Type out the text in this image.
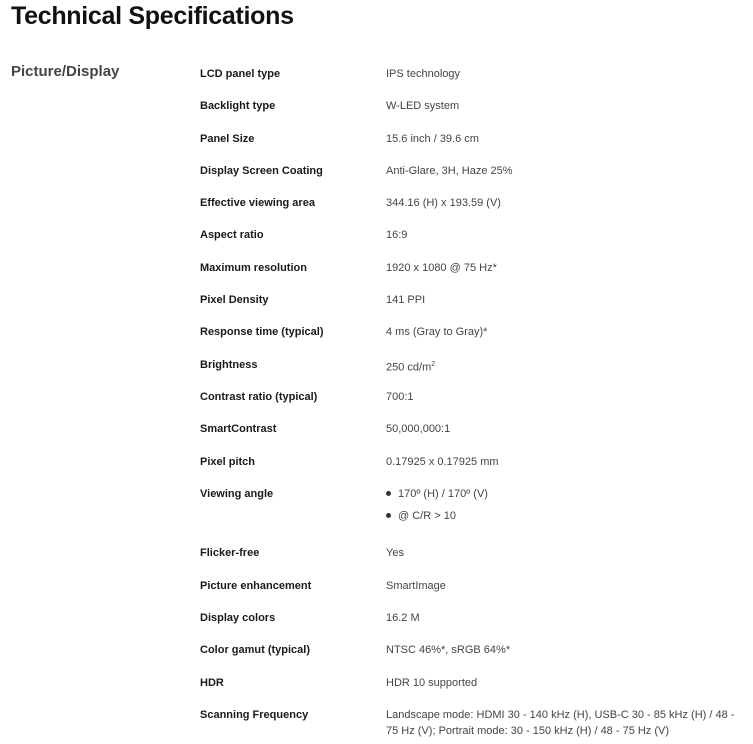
Technical Specifications
Picture/Display	LCD panel type	IPS technology
Backlight type	W-LED system
Panel Size	15.6 inch / 39.6 cm
Display Screen Coating	Anti-Glare, 3H, Haze 25%
Effective viewing area	344.16 (H) x 193.59 (V)
Aspect ratio	16:9
Maximum resolution	1920 x 1080 @ 75 Hz*
Pixel Density	141 PPI
Response time (typical)	4 ms (Gray to Gray)*
Brightness	250 $cd/m^2$
Contrast ratio (typical)	700:1
SmartContrast	50,000,000:1
Pixel pitch	0.17925 x 0.17925 mm
Viewing angle	170º (H) / 170º (V)
@ C/R > 10
Flicker-free	Yes
Picture enhancement	SmartImage
Display colors	16.2 M
Color gamut (typical)	NTSC 46%*, sRGB 64%*
HDR	HDR 10 supported
Scanning Frequency	Landscape mode: HDMI 30 - 140 kHz (H), USB-C 30 - 85 kHz (H) / 48 - 75 Hz (V); Portrait mode: 30 - 150 kHz (H) / 48 - 75 Hz (V)
